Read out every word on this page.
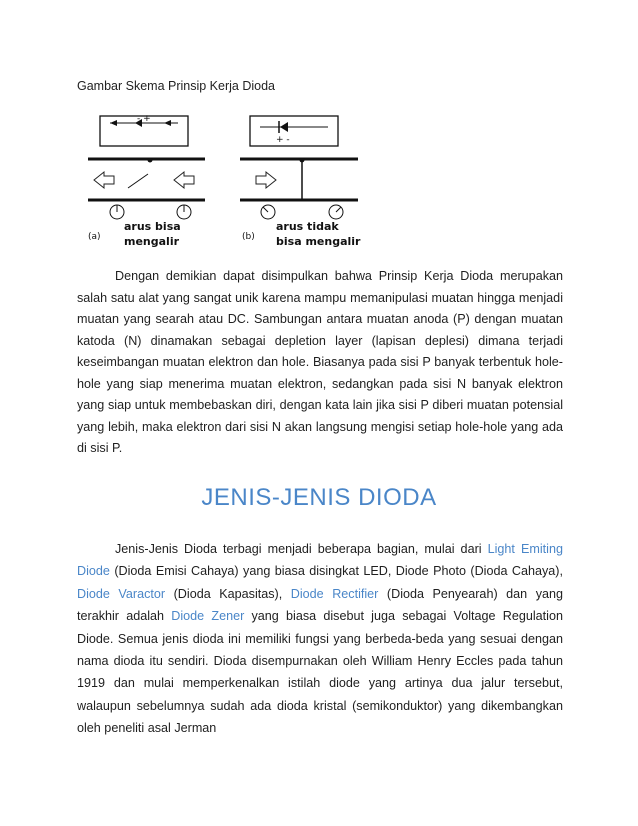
Gambar Skema Prinsip Kerja Dioda
- +
(a)
arus bisa
mengalir
+ -
(b)
arus tidak
bisa mengalir

Dengan demikian dapat disimpulkan bahwa Prinsip Kerja Dioda merupakan salah satu alat yang sangat unik karena mampu memanipulasi muatan hingga menjadi muatan yang searah atau DC. Sambungan antara muatan anoda (P) dengan muatan katoda (N) dinamakan sebagai depletion layer (lapisan deplesi) dimana terjadi keseimbangan muatan elektron dan hole. Biasanya pada sisi P banyak terbentuk hole-hole yang siap menerima muatan elektron, sedangkan pada sisi N banyak elektron yang siap untuk membebaskan diri, dengan kata lain jika sisi P diberi muatan potensial yang lebih, maka elektron dari sisi N akan langsung mengisi setiap hole-hole yang ada di sisi P.

JENIS-JENIS DIODA

Jenis-Jenis Dioda terbagi menjadi beberapa bagian, mulai dari Light Emiting Diode (Dioda Emisi Cahaya) yang biasa disingkat LED, Diode Photo (Dioda Cahaya), Diode Varactor (Dioda Kapasitas), Diode Rectifier (Dioda Penyearah) dan yang terakhir adalah Diode Zener yang biasa disebut juga sebagai Voltage Regulation Diode. Semua jenis dioda ini memiliki fungsi yang berbeda-beda yang sesuai dengan nama dioda itu sendiri. Dioda disempurnakan oleh William Henry Eccles pada tahun 1919 dan mulai memperkenalkan istilah diode yang artinya dua jalur tersebut, walaupun sebelumnya sudah ada dioda kristal (semikonduktor) yang dikembangkan oleh peneliti asal Jerman
